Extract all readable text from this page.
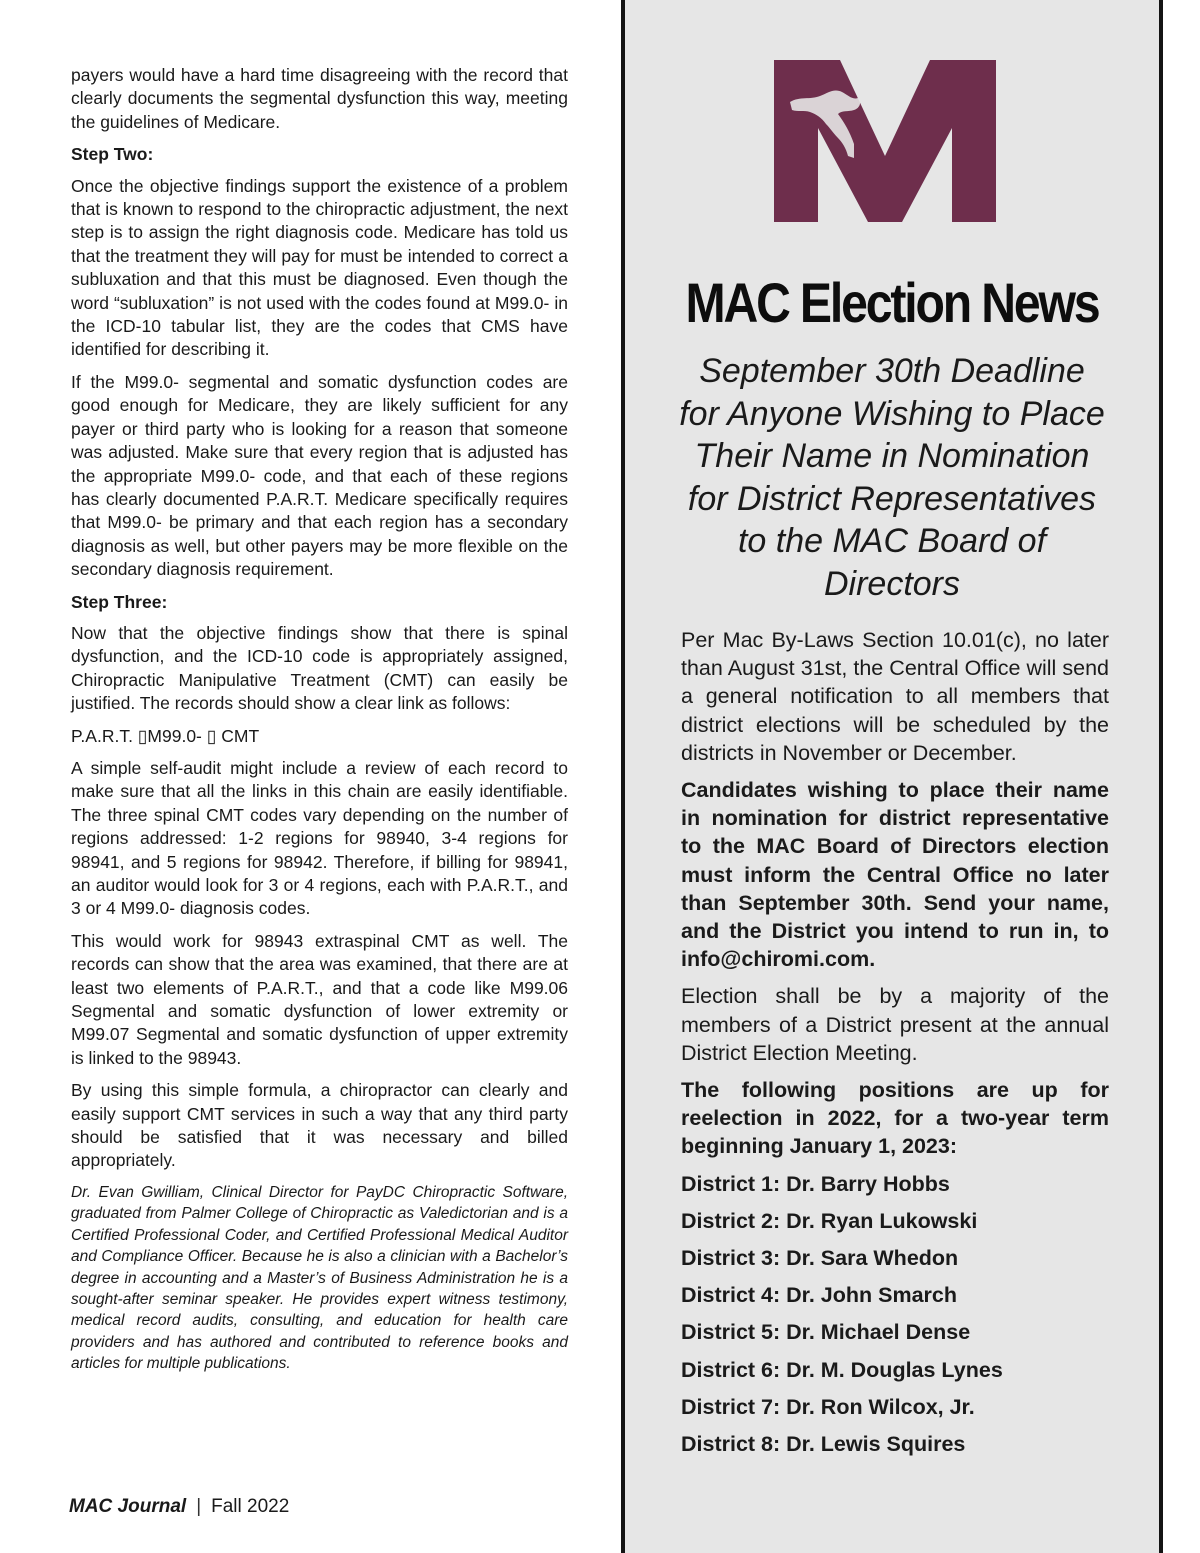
payers would have a hard time disagreeing with the record that clearly documents the segmental dysfunction this way, meeting the guidelines of Medicare.

Step Two:

Once the objective findings support the existence of a problem that is known to respond to the chiropractic adjustment, the next step is to assign the right diagnosis code. Medicare has told us that the treatment they will pay for must be intended to correct a subluxation and that this must be diagnosed. Even though the word “subluxation” is not used with the codes found at M99.0- in the ICD-10 tabular list, they are the codes that CMS have identified for describing it.

If the M99.0- segmental and somatic dysfunction codes are good enough for Medicare, they are likely sufficient for any payer or third party who is looking for a reason that someone was adjusted. Make sure that every region that is adjusted has the appropriate M99.0- code, and that each of these regions has clearly documented P.A.R.T. Medicare specifically requires that M99.0- be primary and that each region has a secondary diagnosis as well, but other payers may be more flexible on the secondary diagnosis requirement.

Step Three:

Now that the objective findings show that there is spinal dysfunction, and the ICD-10 code is appropriately assigned, Chiropractic Manipulative Treatment (CMT) can easily be justified. The records should show a clear link as follows:

P.A.R.T. ▯M99.0- ▯ CMT

A simple self-audit might include a review of each record to make sure that all the links in this chain are easily identifiable. The three spinal CMT codes vary depending on the number of regions addressed: 1-2 regions for 98940, 3-4 regions for 98941, and 5 regions for 98942. Therefore, if billing for 98941, an auditor would look for 3 or 4 regions, each with P.A.R.T., and 3 or 4 M99.0- diagnosis codes.

This would work for 98943 extraspinal CMT as well. The records can show that the area was examined, that there are at least two elements of P.A.R.T., and that a code like M99.06 Segmental and somatic dysfunction of lower extremity or M99.07 Segmental and somatic dysfunction of upper extremity is linked to the 98943.

By using this simple formula, a chiropractor can clearly and easily support CMT services in such a way that any third party should be satisfied that it was necessary and billed appropriately.

Dr. Evan Gwilliam, Clinical Director for PayDC Chiropractic Software, graduated from Palmer College of Chiropractic as Valedictorian and is a Certified Professional Coder, and Certified Professional Medical Auditor and Compliance Officer. Because he is also a clinician with a Bachelor’s degree in accounting and a Master’s of Business Administration he is a sought-after seminar speaker. He provides expert witness testimony, medical record audits, consulting, and education for health care providers and has authored and contributed to reference books and articles for multiple publications.

MAC Journal | Fall 2022
MAC Election News
September 30th Deadline for Anyone Wishing to Place Their Name in Nomination for District Representatives to the MAC Board of Directors

Per Mac By-Laws Section 10.01(c), no later than August 31st, the Central Office will send a general notification to all members that district elections will be scheduled by the districts in November or December.

Candidates wishing to place their name in nomination for district representative to the MAC Board of Directors election must inform the Central Office no later than September 30th. Send your name, and the District you intend to run in, to info@chiromi.com.

Election shall be by a majority of the members of a District present at the annual District Election Meeting.

The following positions are up for reelection in 2022, for a two-year term beginning January 1, 2023:

District 1: Dr. Barry Hobbs

District 2: Dr. Ryan Lukowski

District 3: Dr. Sara Whedon

District 4: Dr. John Smarch

District 5: Dr. Michael Dense

District 6: Dr. M. Douglas Lynes

District 7: Dr. Ron Wilcox, Jr.

District 8: Dr. Lewis Squires
